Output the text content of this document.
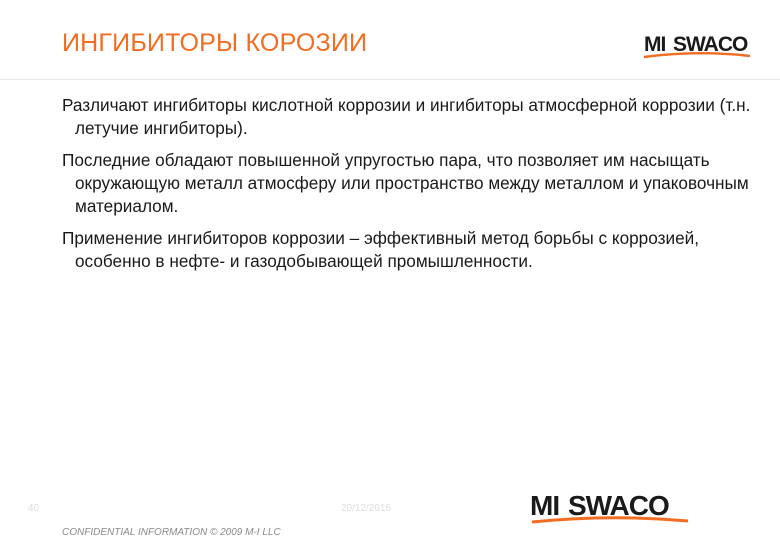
ИНГИБИТОРЫ КОРОЗИИ	MI SWACO

Различают ингибиторы кислотной коррозии и ингибиторы атмосферной коррозии (т.н. летучие ингибиторы).

Последние обладают повышенной упругостью пара, что позволяет им насыщать окружающую металл атмосферу или пространство между металлом и упаковочным материалом.

Применение ингибиторов коррозии – эффективный метод борьбы с коррозией, особенно в нефте- и газодобывающей промышленности.

40	20/12/2016	MI SWACO
CONFIDENTIAL INFORMATION © 2009 M-I LLC
